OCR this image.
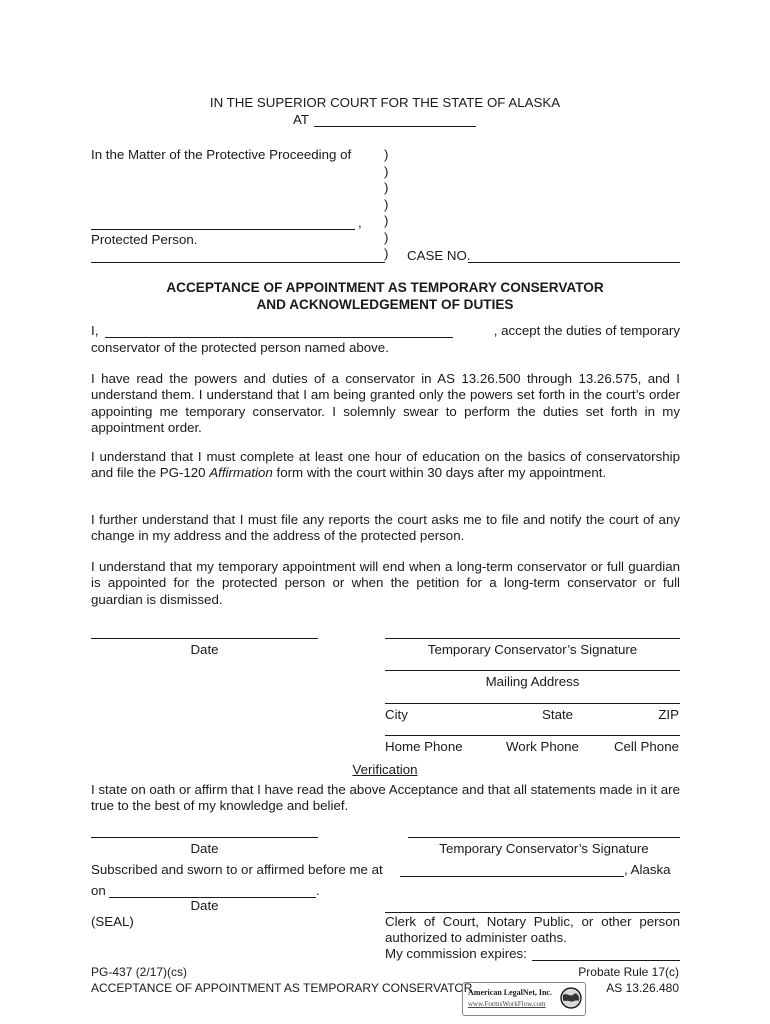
IN THE SUPERIOR COURT FOR THE STATE OF ALASKA
AT
In the Matter of the Protective Proceeding of )
)
)
)
)
)
)
,
Protected Person.
CASE NO.
ACCEPTANCE OF APPOINTMENT AS TEMPORARY CONSERVATOR
AND ACKNOWLEDGEMENT OF DUTIES
I,	, accept the duties of temporary
conservator of the protected person named above.
I have read the powers and duties of a conservator in AS 13.26.500 through 13.26.575, and I understand them. I understand that I am being granted only the powers set forth in the court’s order appointing me temporary conservator. I solemnly swear to perform the duties set forth in my appointment order.
I understand that I must complete at least one hour of education on the basics of conservatorship and file the PG-120 Affirmation form with the court within 30 days after my appointment.
I further understand that I must file any reports the court asks me to file and notify the court of any change in my address and the address of the protected person.
I understand that my temporary appointment will end when a long-term conservator or full guardian is appointed for the protected person or when the petition for a long-term conservator or full guardian is dismissed.
Date	Temporary Conservator’s Signature
Mailing Address
City	State	ZIP
Home Phone	Work Phone	Cell Phone
Verification
I state on oath or affirm that I have read the above Acceptance and that all statements made in it are true to the best of my knowledge and belief.
Date	Temporary Conservator’s Signature
Subscribed and sworn to or affirmed before me at	, Alaska
on	.
Date
(SEAL)	Clerk of Court, Notary Public, or other person
authorized to administer oaths.
My commission expires:
PG-437 (2/17)(cs)
ACCEPTANCE OF APPOINTMENT AS TEMPORARY CONSERVATOR
Probate Rule 17(c)
AS 13.26.480
American LegalNet, Inc.
www.FormsWorkFlow.com
